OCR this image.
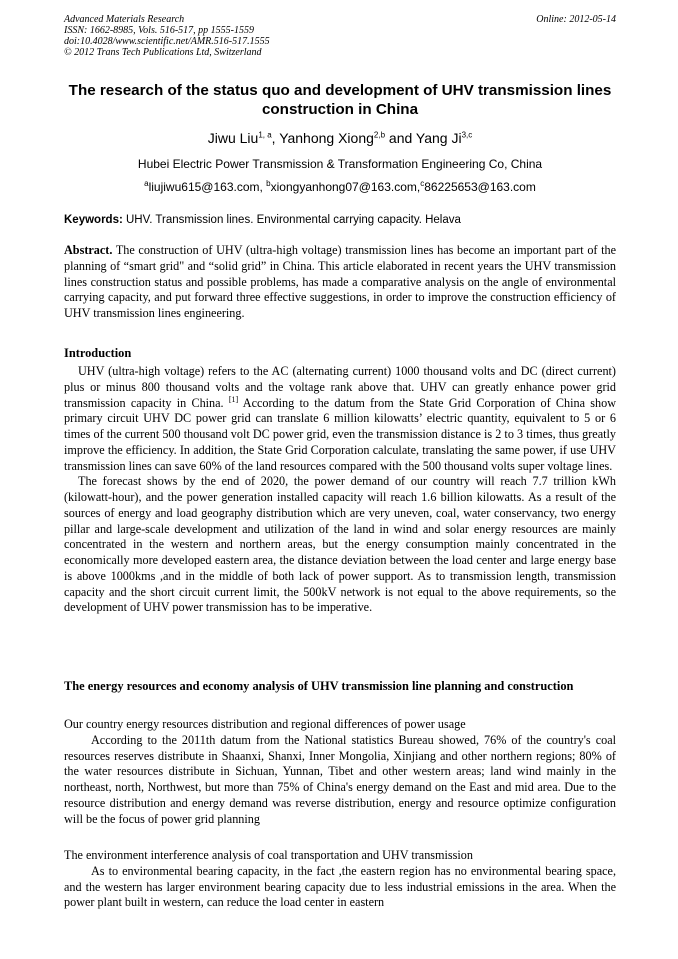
Advanced Materials Research
ISSN: 1662-8985, Vols. 516-517, pp 1555-1559
doi:10.4028/www.scientific.net/AMR.516-517.1555
© 2012 Trans Tech Publications Ltd, Switzerland
Online: 2012-05-14
The research of the status quo and development of UHV transmission lines construction in China
Jiwu Liu$^{1, a}$, Yanhong Xiong$^{2,b}$ and Yang Ji$^{3,c}$
Hubei Electric Power Transmission & Transformation Engineering Co, China
$^a$liujiwu615@163.com, $^b$xiongyanhong07@163.com,$^c$86225653@163.com
Keywords: UHV. Transmission lines. Environmental carrying capacity. Helava

Abstract. The construction of UHV (ultra-high voltage) transmission lines has become an important part of the planning of “smart grid" and “solid grid” in China. This article elaborated in recent years the UHV transmission lines construction status and possible problems, has made a comparative analysis on the angle of environmental carrying capacity, and put forward three effective suggestions, in order to improve the construction efficiency of UHV transmission lines engineering.

Introduction

UHV (ultra-high voltage) refers to the AC (alternating current) 1000 thousand volts and DC (direct current) plus or minus 800 thousand volts and the voltage rank above that. UHV can greatly enhance power grid transmission capacity in China. [1] According to the datum from the State Grid Corporation of China show primary circuit UHV DC power grid can translate 6 million kilowatts’ electric quantity, equivalent to 5 or 6 times of the current 500 thousand volt DC power grid, even the transmission distance is 2 to 3 times, thus greatly improve the efficiency. In addition, the State Grid Corporation calculate, translating the same power, if use UHV transmission lines can save 60% of the land resources compared with the 500 thousand volts super voltage lines.

The forecast shows by the end of 2020, the power demand of our country will reach 7.7 trillion kWh (kilowatt-hour), and the power generation installed capacity will reach 1.6 billion kilowatts. As a result of the sources of energy and load geography distribution which are very uneven, coal, water conservancy, two energy pillar and large-scale development and utilization of the land in wind and solar energy resources are mainly concentrated in the western and northern areas, but the energy consumption mainly concentrated in the economically more developed eastern area, the distance deviation between the load center and large energy base is above 1000kms ,and in the middle of both lack of power support. As to transmission length, transmission capacity and the short circuit current limit, the 500kV network is not equal to the above requirements, so the development of UHV power transmission has to be imperative.

The energy resources and economy analysis of UHV transmission line planning and construction

Our country energy resources distribution and regional differences of power usage

According to the 2011th datum from the National statistics Bureau showed, 76% of the country's coal resources reserves distribute in Shaanxi, Shanxi, Inner Mongolia, Xinjiang and other northern regions; 80% of the water resources distribute in Sichuan, Yunnan, Tibet and other western areas; land wind mainly in the northeast, north, Northwest, but more than 75% of China's energy demand on the East and mid area. Due to the resource distribution and energy demand was reverse distribution, energy and resource optimize configuration will be the focus of power grid planning

The environment interference analysis of coal transportation and UHV transmission

As to environmental bearing capacity, in the fact ,the eastern region has no environmental bearing space, and the western has larger environment bearing capacity due to less industrial emissions in the area. When the power plant built in western, can reduce the load center in eastern
